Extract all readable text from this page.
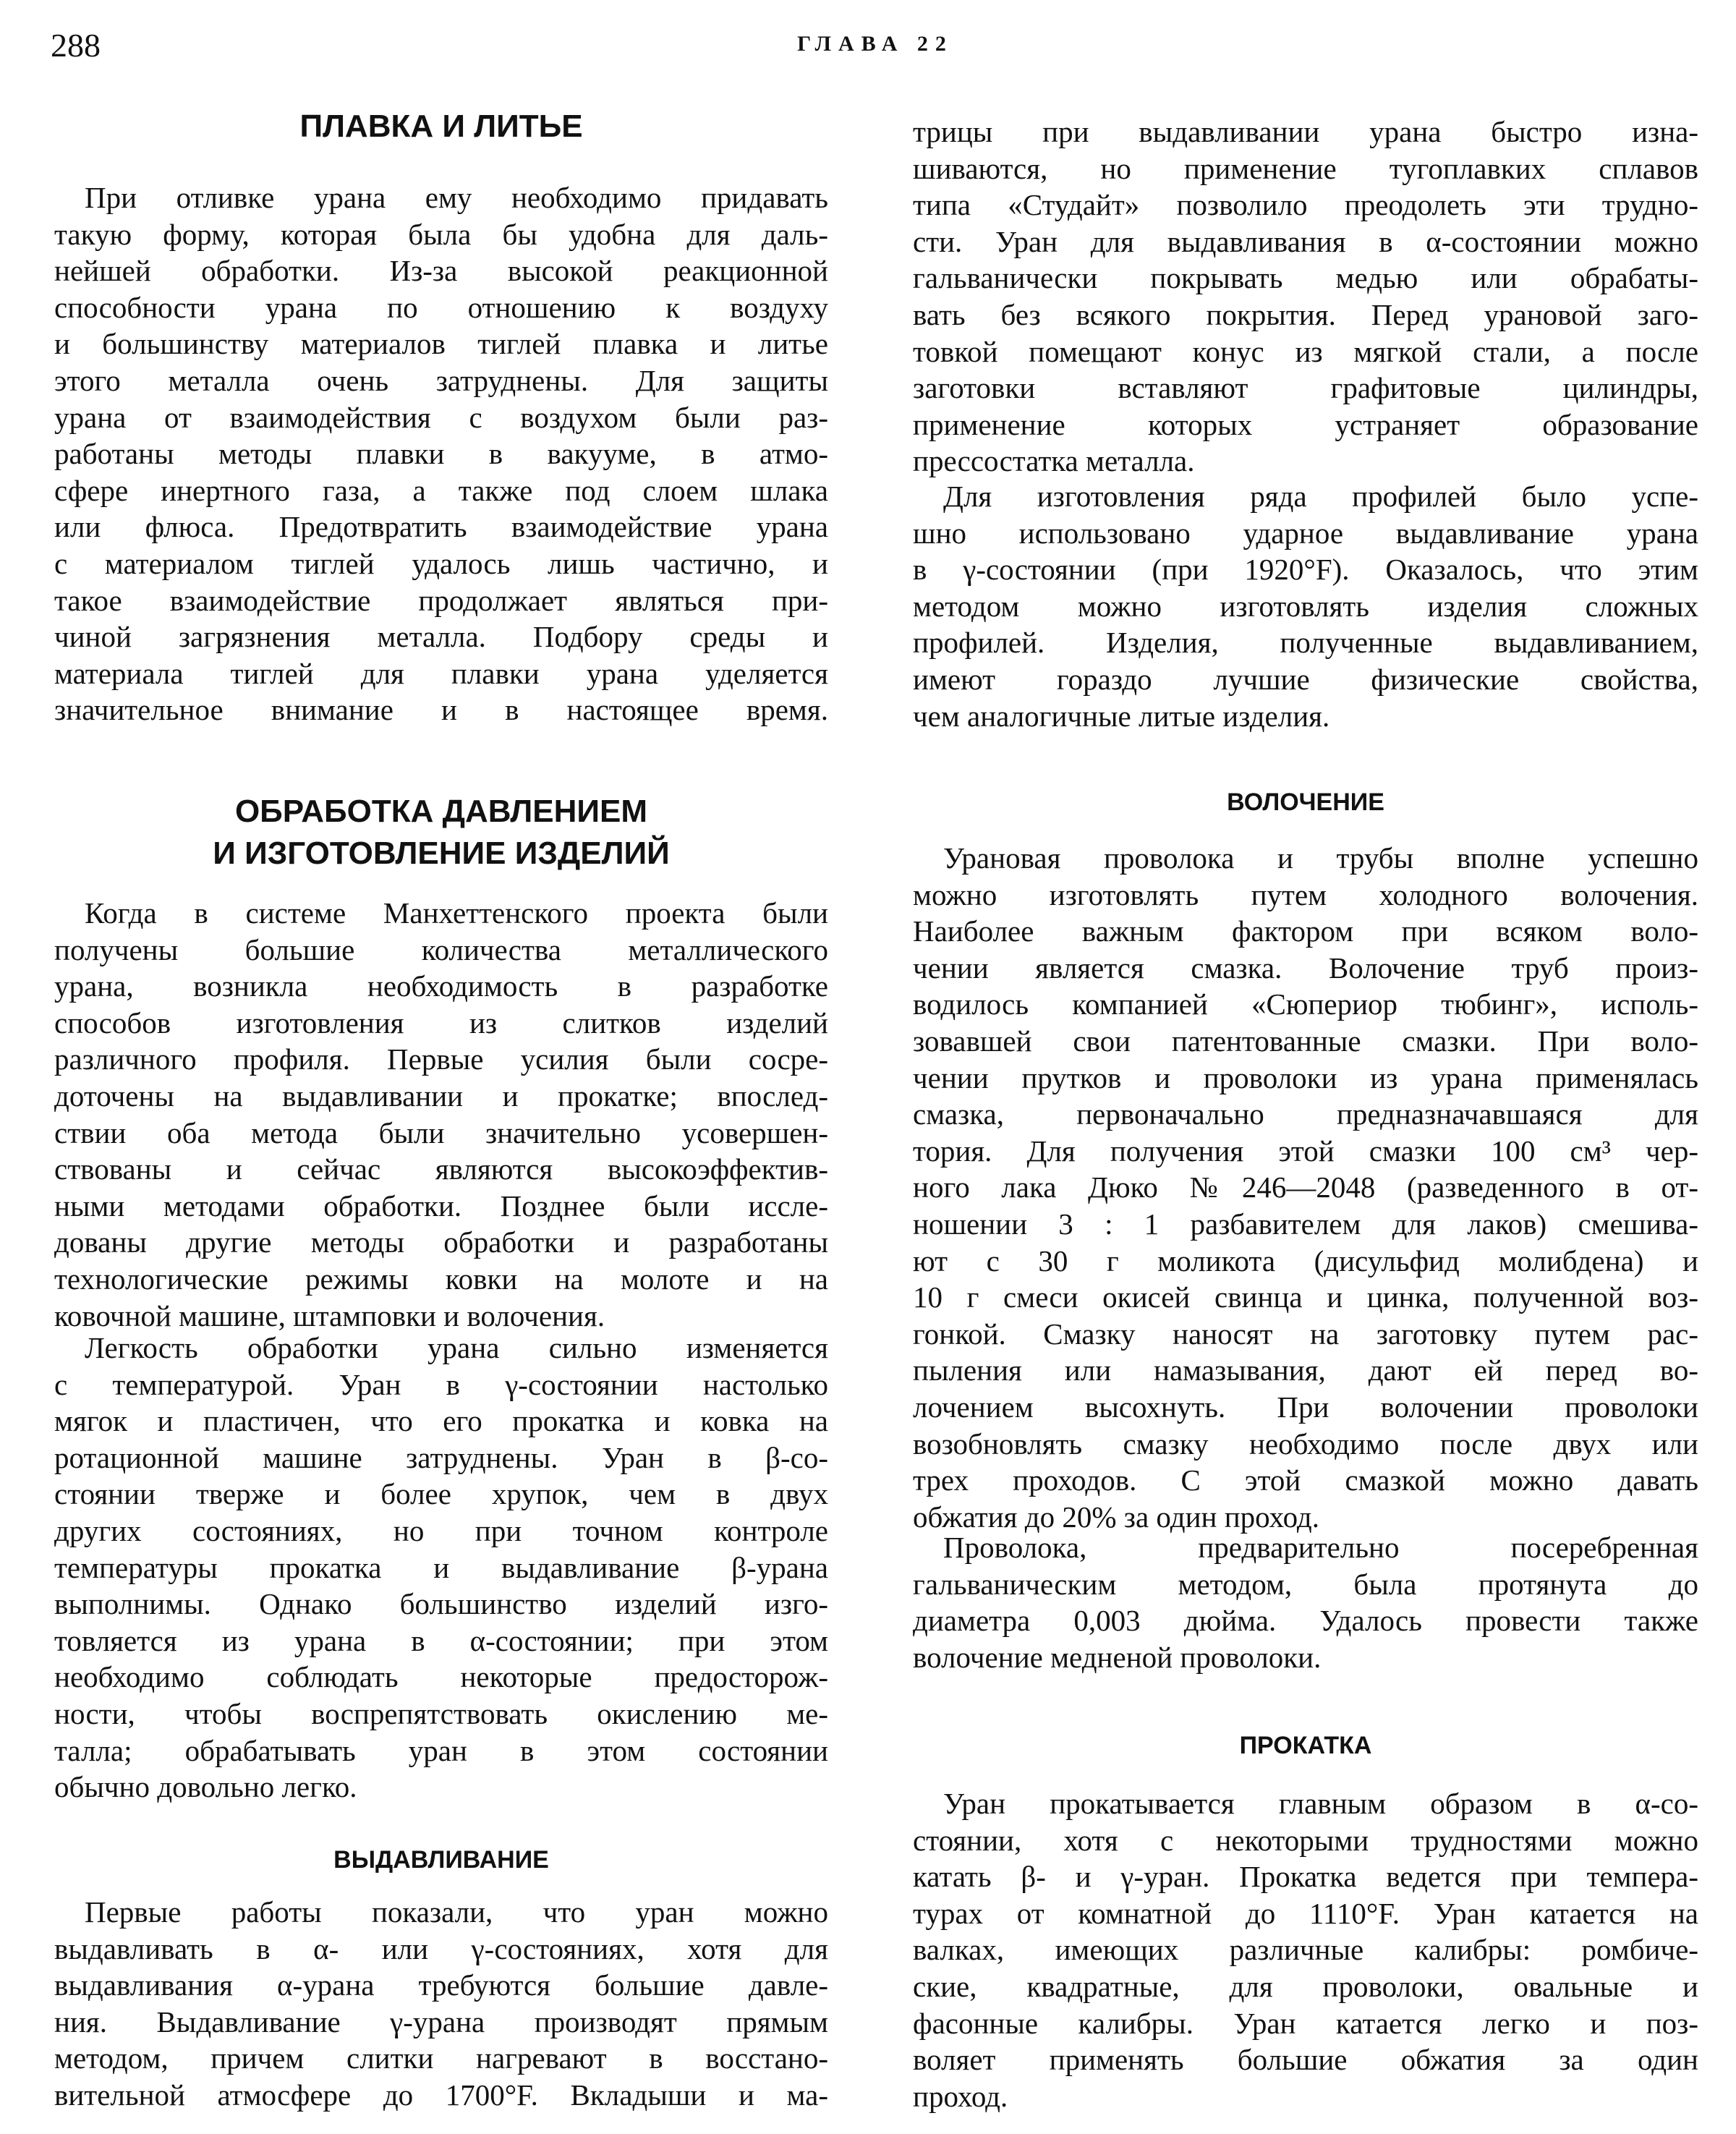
288	ГЛАВА 22
ПЛАВКА И ЛИТЬЕ
При отливке урана ему необходимо придавать
такую форму, которая была бы удобна для даль-
нейшей обработки. Из-за высокой реакционной
способности урана по отношению к воздуху
и большинству материалов тиглей плавка и литье
этого металла очень затруднены. Для защиты
урана от взаимодействия с воздухом были раз-
работаны методы плавки в вакууме, в атмо-
сфере инертного газа, а также под слоем шлака
или флюса. Предотвратить взаимодействие урана
с материалом тиглей удалось лишь частично, и
такое взаимодействие продолжает являться при-
чиной загрязнения металла. Подбору среды и
материала тиглей для плавки урана уделяется
значительное внимание и в настоящее время.
ОБРАБОТКА ДАВЛЕНИЕМ
И ИЗГОТОВЛЕНИЕ ИЗДЕЛИЙ
Когда в системе Манхеттенского проекта были
получены большие количества металлического
урана, возникла необходимость в разработке
способов изготовления из слитков изделий
различного профиля. Первые усилия были сосре-
доточены на выдавливании и прокатке; впослед-
ствии оба метода были значительно усовершен-
ствованы и сейчас являются высокоэффектив-
ными методами обработки. Позднее были иссле-
дованы другие методы обработки и разработаны
технологические режимы ковки на молоте и на
ковочной машине, штамповки и волочения.
Легкость обработки урана сильно изменяется
с температурой. Уран в γ-состоянии настолько
мягок и пластичен, что его прокатка и ковка на
ротационной машине затруднены. Уран в β-со-
стоянии тверже и более хрупок, чем в двух
других состояниях, но при точном контроле
температуры прокатка и выдавливание β-урана
выполнимы. Однако большинство изделий изго-
товляется из урана в α-состоянии; при этом
необходимо соблюдать некоторые предосторож-
ности, чтобы воспрепятствовать окислению ме-
талла; обрабатывать уран в этом состоянии
обычно довольно легко.
ВЫДАВЛИВАНИЕ
Первые работы показали, что уран можно
выдавливать в α- или γ-состояниях, хотя для
выдавливания α-урана требуются большие давле-
ния. Выдавливание γ-урана производят прямым
методом, причем слитки нагревают в восстано-
вительной атмосфере до 1700°F. Вкладыши и ма-
трицы при выдавливании урана быстро изна-
шиваются, но применение тугоплавких сплавов
типа «Студайт» позволило преодолеть эти трудно-
сти. Уран для выдавливания в α-состоянии можно
гальванически покрывать медью или обрабаты-
вать без всякого покрытия. Перед урановой заго-
товкой помещают конус из мягкой стали, а после
заготовки вставляют графитовые цилиндры,
применение которых устраняет образование
прессостатка металла.
Для изготовления ряда профилей было успе-
шно использовано ударное выдавливание урана
в γ-состоянии (при 1920°F). Оказалось, что этим
методом можно изготовлять изделия сложных
профилей. Изделия, полученные выдавливанием,
имеют гораздо лучшие физические свойства,
чем аналогичные литые изделия.
ВОЛОЧЕНИЕ
Урановая проволока и трубы вполне успешно
можно изготовлять путем холодного волочения.
Наиболее важным фактором при всяком воло-
чении является смазка. Волочение труб произ-
водилось компанией «Сюпериор тюбинг», исполь-
зовавшей свои патентованные смазки. При воло-
чении прутков и проволоки из урана применялась
смазка, первоначально предназначавшаяся для
тория. Для получения этой смазки 100 см³ чер-
ного лака Дюко №246—2048 (разведенного в от-
ношении 3 : 1 разбавителем для лаков) смешива-
ют с 30 г моликота (дисульфид молибдена) и
10 г смеси окисей свинца и цинка, полученной воз-
гонкой. Смазку наносят на заготовку путем рас-
пыления или намазывания, дают ей перед во-
лочением высохнуть. При волочении проволоки
возобновлять смазку необходимо после двух или
трех проходов. С этой смазкой можно давать
обжатия до 20% за один проход.
Проволока, предварительно посеребренная
гальваническим методом, была протянута до
диаметра 0,003 дюйма. Удалось провести также
волочение медненой проволоки.
ПРОКАТКА
Уран прокатывается главным образом в α-со-
стоянии, хотя с некоторыми трудностями можно
катать β- и γ-уран. Прокатка ведется при темпера-
турах от комнатной до 1110°F. Уран катается на
валках, имеющих различные калибры: ромбиче-
ские, квадратные, для проволоки, овальные и
фасонные калибры. Уран катается легко и поз-
воляет применять большие обжатия за один
проход.
